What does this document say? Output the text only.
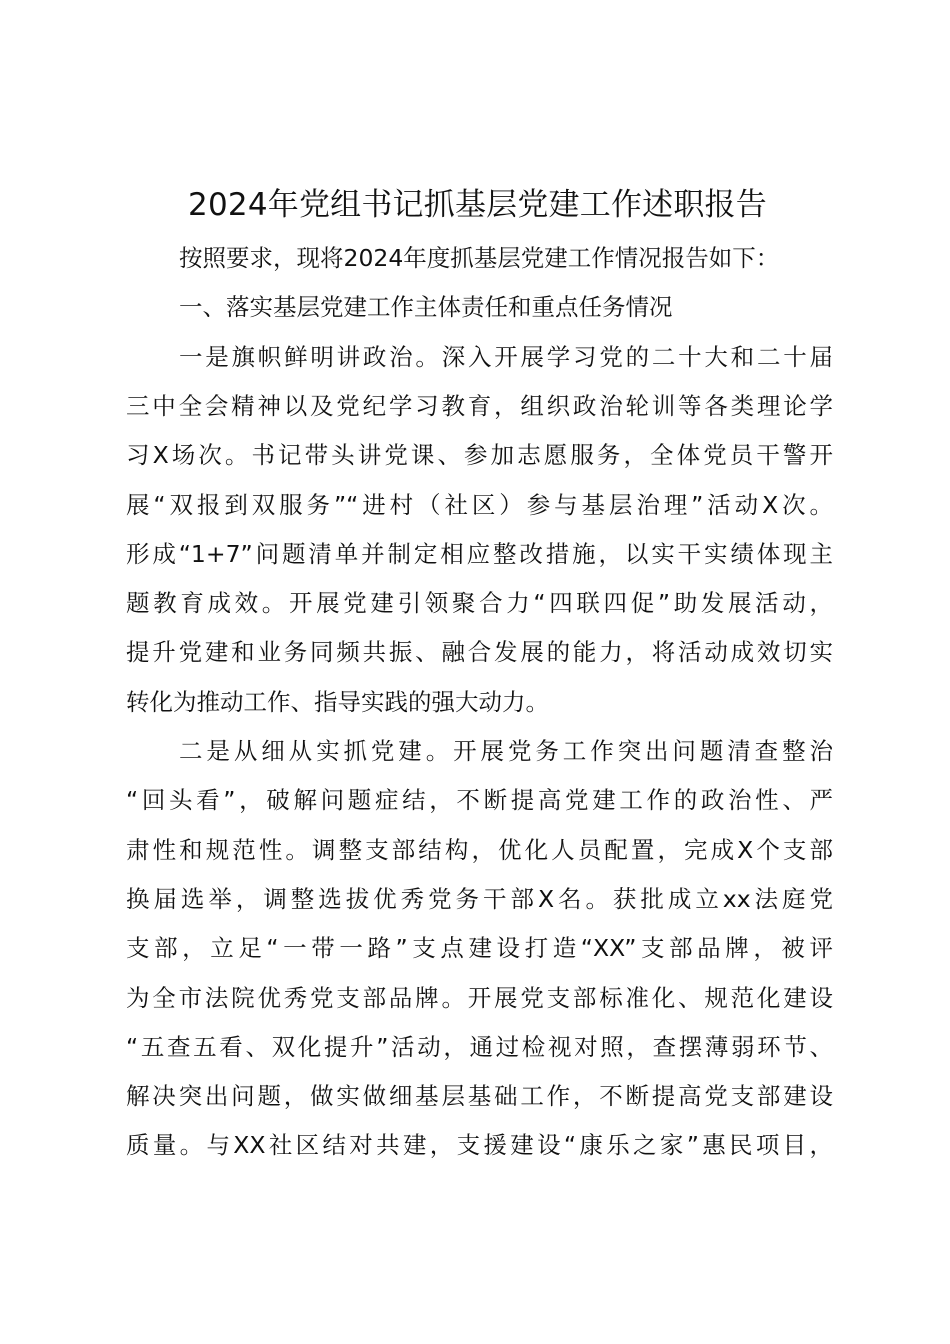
2024年党组书记抓基层党建工作述职报告
按照要求，现将2024年度抓基层党建工作情况报告如下：
一、落实基层党建工作主体责任和重点任务情况
一是旗帜鲜明讲政治。深入开展学习党的二十大和二十届
三中全会精神以及党纪学习教育，组织政治轮训等各类理论学
习X场次。书记带头讲党课、参加志愿服务，全体党员干警开
展“双报到双服务”“进村（社区）参与基层治理”活动X次。
形成“1+7”问题清单并制定相应整改措施，以实干实绩体现主
题教育成效。开展党建引领聚合力“四联四促”助发展活动，
提升党建和业务同频共振、融合发展的能力，将活动成效切实
转化为推动工作、指导实践的强大动力。
二是从细从实抓党建。开展党务工作突出问题清查整治
“回头看”，破解问题症结，不断提高党建工作的政治性、严
肃性和规范性。调整支部结构，优化人员配置，完成X个支部
换届选举，调整选拔优秀党务干部X名。获批成立xx法庭党
支部，立足“一带一路”支点建设打造“XX”支部品牌，被评
为全市法院优秀党支部品牌。开展党支部标准化、规范化建设
“五查五看、双化提升”活动，通过检视对照，查摆薄弱环节、
解决突出问题，做实做细基层基础工作，不断提高党支部建设
质量。与XX社区结对共建，支援建设“康乐之家”惠民项目，
